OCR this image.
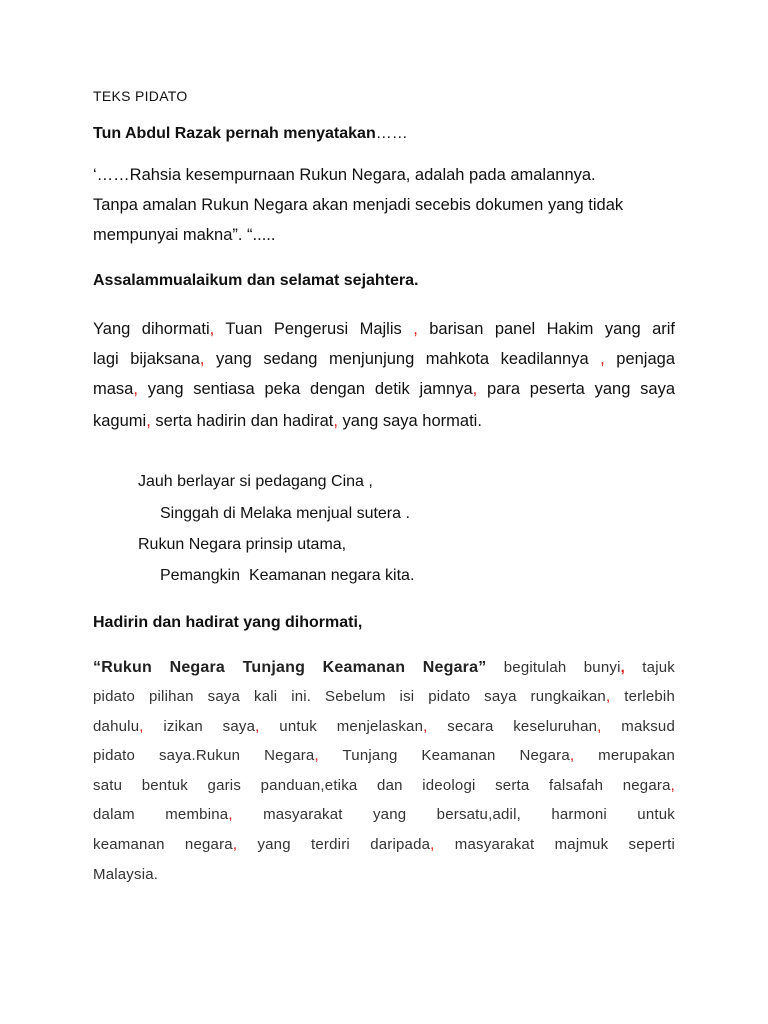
TEKS PIDATO
Tun Abdul Razak pernah menyatakan……
‘……Rahsia kesempurnaan Rukun Negara, adalah pada amalannya.
Tanpa amalan Rukun Negara akan menjadi secebis dokumen yang tidak
mempunyai makna”. “.....
Assalammualaikum dan selamat sejahtera.
Yang dihormati, Tuan Pengerusi Majlis , barisan panel Hakim yang arif
lagi bijaksana, yang sedang menjunjung mahkota keadilannya , penjaga
masa, yang sentiasa peka dengan detik jamnya, para peserta yang saya
kagumi, serta hadirin dan hadirat, yang saya hormati.
Jauh berlayar si pedagang Cina ,
Singgah di Melaka menjual sutera .
Rukun Negara prinsip utama,
Pemangkin  Keamanan negara kita.
Hadirin dan hadirat yang dihormati,
“Rukun Negara Tunjang Keamanan Negara” begitulah bunyi, tajuk
pidato pilihan saya kali ini. Sebelum isi pidato saya rungkaikan, terlebih
dahulu, izikan saya, untuk menjelaskan, secara keseluruhan, maksud
pidato saya.Rukun Negara, Tunjang Keamanan Negara, merupakan
satu bentuk garis panduan,etika dan ideologi serta falsafah negara,
dalam membina, masyarakat yang bersatu,adil, harmoni untuk
keamanan negara, yang terdiri daripada, masyarakat majmuk seperti
Malaysia.
